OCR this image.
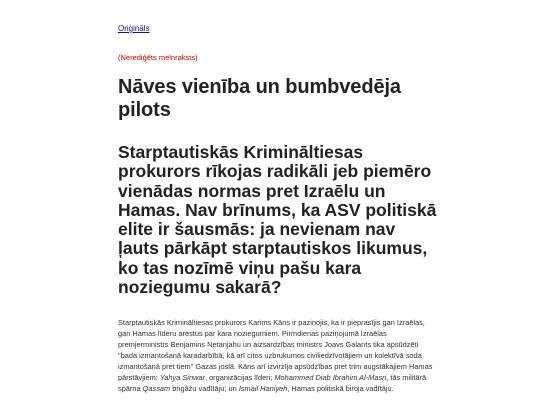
Oriģināls

(Nerediģēts melnraksts)

Nāves vienība un bumbvedēja pilots
Starptautiskās Krimināltiesas prokurors rīkojas radikāli jeb piemēro vienādas normas pret Izraēlu un Hamas. Nav brīnums, ka ASV politiskā elite ir šausmās: ja nevienam nav ļauts pārkāpt starptautiskos likumus, ko tas nozīmē viņu pašu kara noziegumu sakarā?

Starptautiskās Krimināltiesas prokurors Karims Kāns ir paziņojis, ka ir pieprasījis gan Izraēlas, gan Hamas līderu arestus par kara noziegumiem. Pirmdienas paziņojumā Izraēlas premjerministrs Benjamins Netanjahu un aizsardzības ministrs Joavs Galants tika apsūdzēti "bada izmantošanā karadarbībā, kā arī citos uzbrukumos civiliedzīvotājiem un kolektīvā soda izmantošanā pret tiem" Gazas joslā. Kāns arī izvirzīja apsūdzības pret trim augstākajiem Hamas pārstāvjiem: Yahya Sinwar, organizācijas līderi; Mohammed Diab Ibrahim Al-Masri, tās militārā spārna Qassam brigāžu vadītāju; un Ismail Haniyeh, Hamas politiskā biroja vadītāju.
